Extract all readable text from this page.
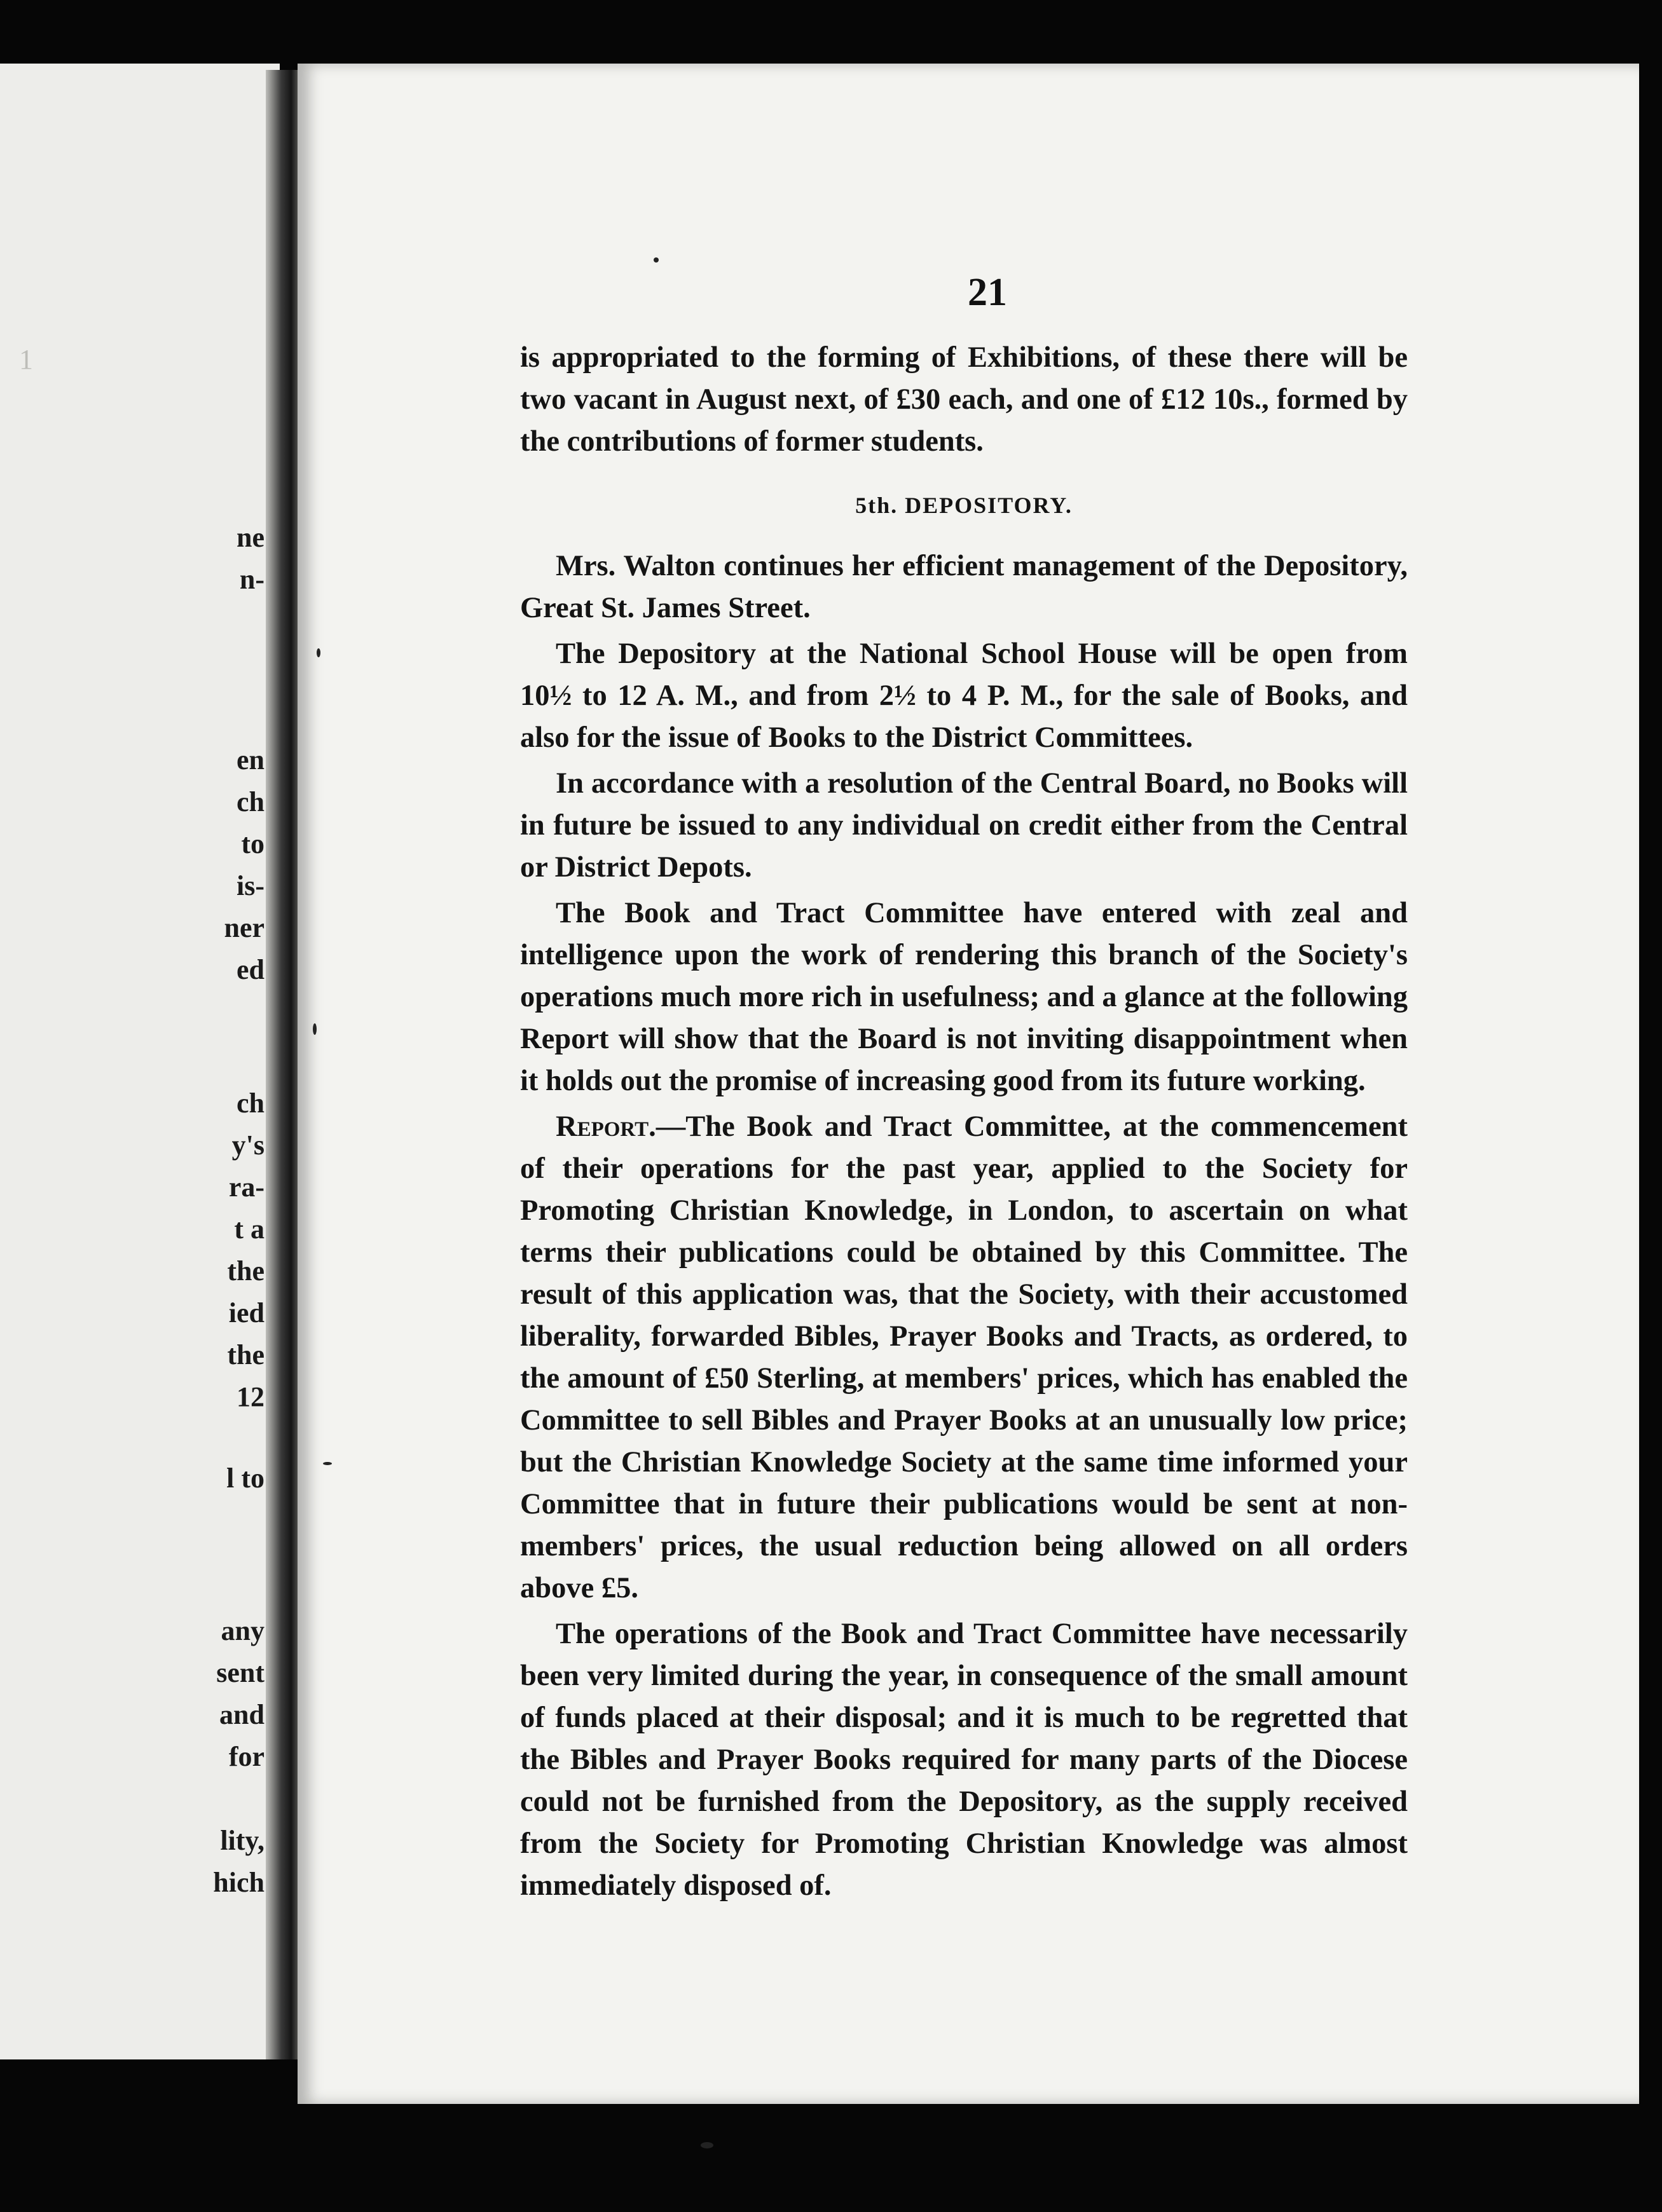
1
ne
n-
en
ch
to
is-
ner
ed
ch
y's
ra-
t a
the
ied
the
12
l to
any
sent
and
for
lity,
hich
21

is appropriated to the forming of Exhibitions, of these there will be two vacant in August next, of £30 each, and one of £12 10s., formed by the contributions of former students.

5th. DEPOSITORY.

Mrs. Walton continues her efficient management of the Depository, Great St. James Street.

The Depository at the National School House will be open from 10½ to 12 A. M., and from 2½ to 4 P. M., for the sale of Books, and also for the issue of Books to the District Committees.

In accordance with a resolution of the Central Board, no Books will in future be issued to any individual on credit either from the Central or District Depots.

The Book and Tract Committee have entered with zeal and intelligence upon the work of rendering this branch of the Society's operations much more rich in usefulness; and a glance at the following Report will show that the Board is not inviting disappointment when it holds out the promise of increasing good from its future working.

Report.—The Book and Tract Committee, at the commencement of their operations for the past year, applied to the Society for Promoting Christian Knowledge, in London, to ascertain on what terms their publications could be obtained by this Committee. The result of this application was, that the Society, with their accustomed liberality, forwarded Bibles, Prayer Books and Tracts, as ordered, to the amount of £50 Sterling, at members' prices, which has enabled the Committee to sell Bibles and Prayer Books at an unusually low price; but the Christian Knowledge Society at the same time informed your Committee that in future their publications would be sent at non-members' prices, the usual reduction being allowed on all orders above £5.

The operations of the Book and Tract Committee have necessarily been very limited during the year, in consequence of the small amount of funds placed at their disposal; and it is much to be regretted that the Bibles and Prayer Books required for many parts of the Diocese could not be furnished from the Depository, as the supply received from the Society for Promoting Christian Knowledge was almost immediately disposed of.
